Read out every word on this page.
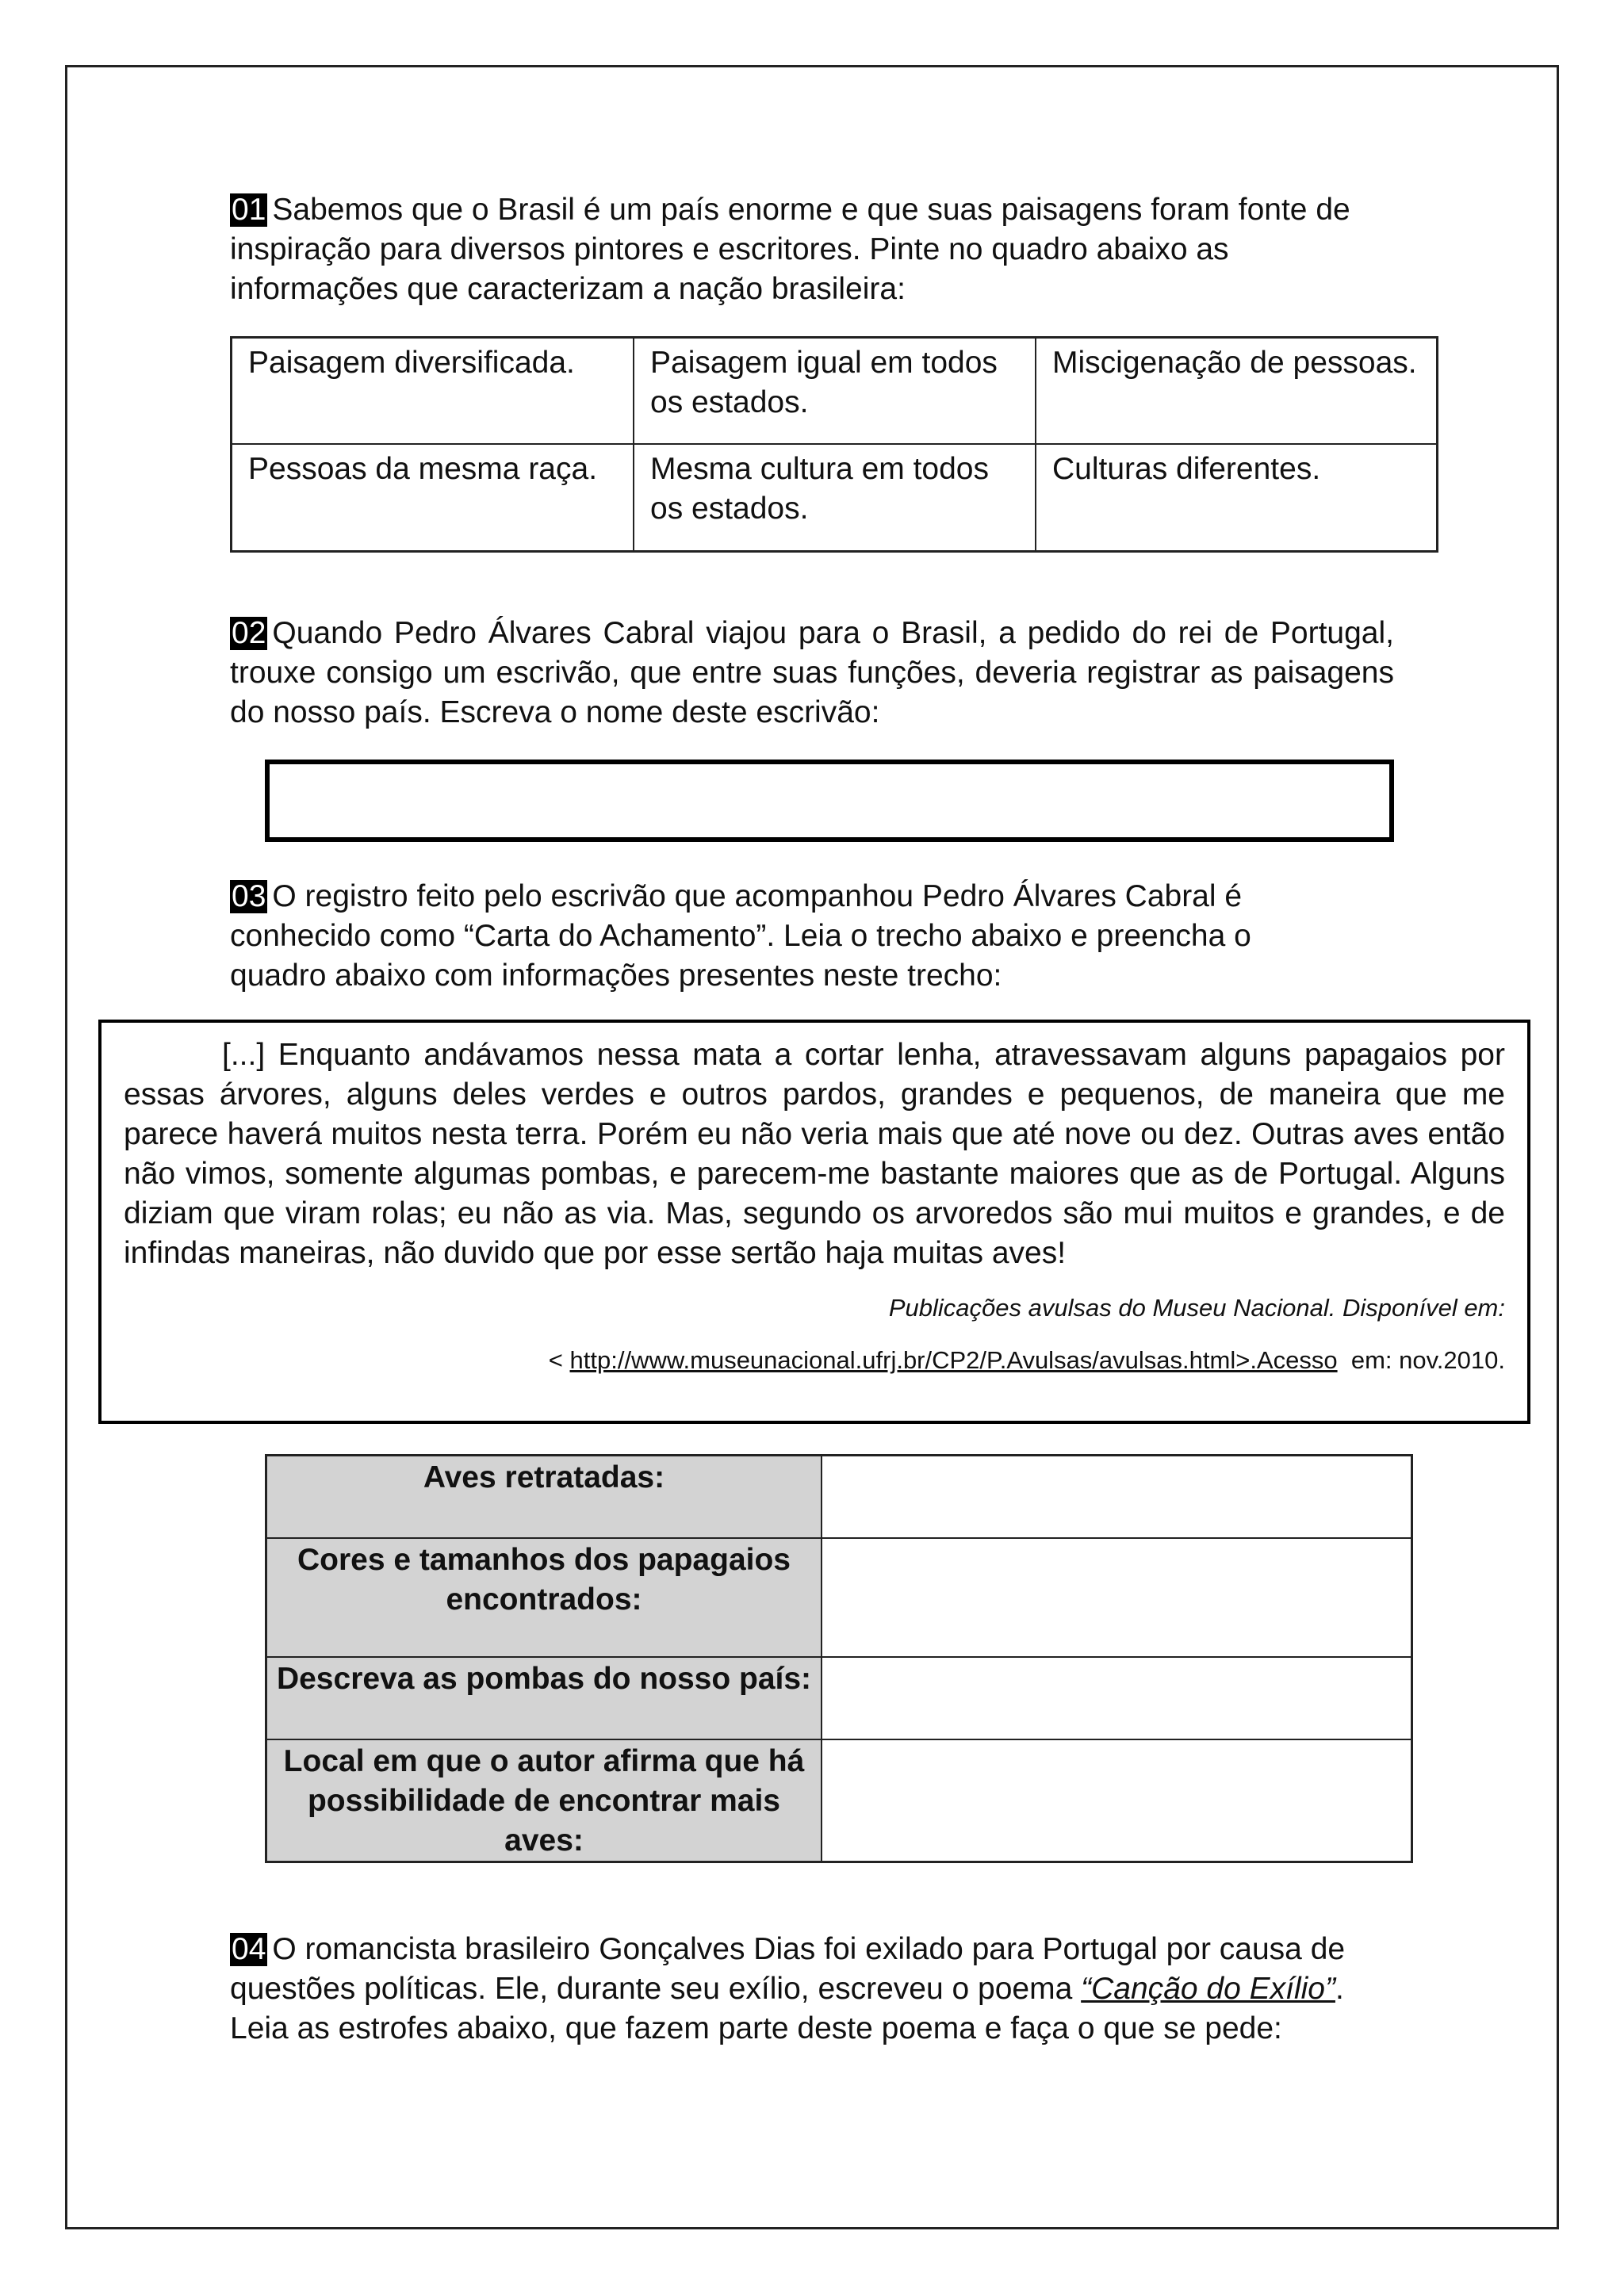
01 Sabemos que o Brasil é um país enorme e que suas paisagens foram fonte de inspiração para diversos pintores e escritores. Pinte no quadro abaixo as informações que caracterizam a nação brasileira:
Paisagem diversificada.	Paisagem igual em todos os estados.
Miscigenação de pessoas.
Pessoas da mesma raça.	Mesma cultura em todos os estados.
Culturas diferentes.
02 Quando Pedro Álvares Cabral viajou para o Brasil, a pedido do rei de Portugal, trouxe consigo um escrivão, que entre suas funções, deveria registrar as paisagens do nosso país. Escreva o nome deste escrivão:
03 O registro feito pelo escrivão que acompanhou Pedro Álvares Cabral é conhecido como “Carta do Achamento”. Leia o trecho abaixo e preencha o quadro abaixo com informações presentes neste trecho:
[...] Enquanto andávamos nessa mata a cortar lenha, atravessavam alguns papagaios por essas árvores, alguns deles verdes e outros pardos, grandes e pequenos, de maneira que me parece haverá muitos nesta terra. Porém eu não veria mais que até nove ou dez. Outras aves então não vimos, somente algumas pombas, e parecem-me bastante maiores que as de Portugal. Alguns diziam que viram rolas; eu não as via. Mas, segundo os arvoredos são mui muitos e grandes, e de infindas maneiras, não duvido que por esse sertão haja muitas aves!
Publicações avulsas do Museu Nacional. Disponível em:
< http://www.museunacional.ufrj.br/CP2/P.Avulsas/avulsas.html>.Acesso em: nov.2010.
Aves retratadas:
Cores e tamanhos dos papagaios encontrados:
Descreva as pombas do nosso país:
Local em que o autor afirma que há possibilidade de encontrar mais aves:
04 O romancista brasileiro Gonçalves Dias foi exilado para Portugal por causa de questões políticas. Ele, durante seu exílio, escreveu o poema “Canção do Exílio”. Leia as estrofes abaixo, que fazem parte deste poema e faça o que se pede:
